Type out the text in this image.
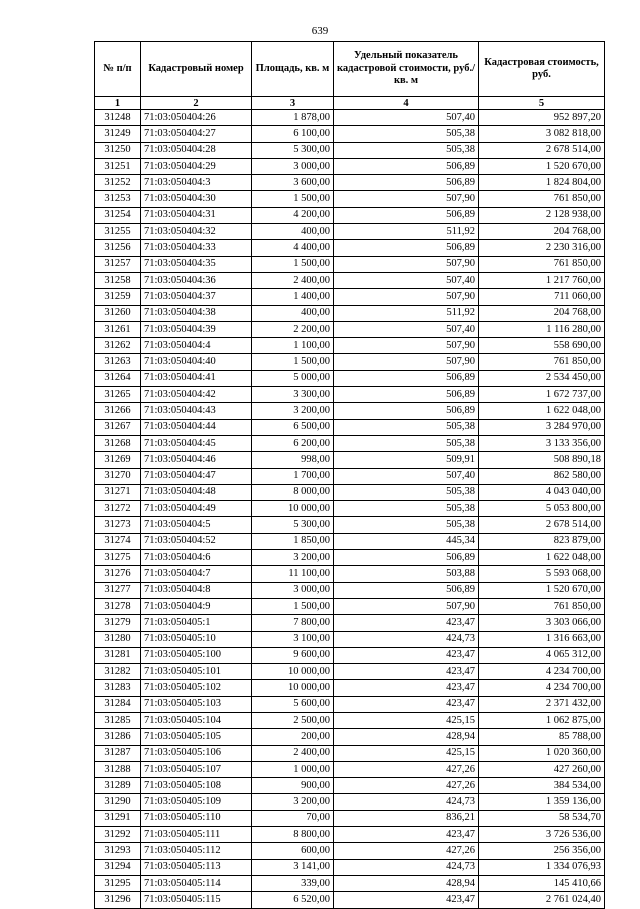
639
№ п/п	Кадастровый номер	Площадь, кв. м	Удельный показатель кадастровой стоимости, руб./кв. м	Кадастровая стоимость, руб.
1	2	3	4	5
31248	71:03:050404:26	1 878,00	507,40	952 897,20
31249	71:03:050404:27	6 100,00	505,38	3 082 818,00
31250	71:03:050404:28	5 300,00	505,38	2 678 514,00
31251	71:03:050404:29	3 000,00	506,89	1 520 670,00
31252	71:03:050404:3	3 600,00	506,89	1 824 804,00
31253	71:03:050404:30	1 500,00	507,90	761 850,00
31254	71:03:050404:31	4 200,00	506,89	2 128 938,00
31255	71:03:050404:32	400,00	511,92	204 768,00
31256	71:03:050404:33	4 400,00	506,89	2 230 316,00
31257	71:03:050404:35	1 500,00	507,90	761 850,00
31258	71:03:050404:36	2 400,00	507,40	1 217 760,00
31259	71:03:050404:37	1 400,00	507,90	711 060,00
31260	71:03:050404:38	400,00	511,92	204 768,00
31261	71:03:050404:39	2 200,00	507,40	1 116 280,00
31262	71:03:050404:4	1 100,00	507,90	558 690,00
31263	71:03:050404:40	1 500,00	507,90	761 850,00
31264	71:03:050404:41	5 000,00	506,89	2 534 450,00
31265	71:03:050404:42	3 300,00	506,89	1 672 737,00
31266	71:03:050404:43	3 200,00	506,89	1 622 048,00
31267	71:03:050404:44	6 500,00	505,38	3 284 970,00
31268	71:03:050404:45	6 200,00	505,38	3 133 356,00
31269	71:03:050404:46	998,00	509,91	508 890,18
31270	71:03:050404:47	1 700,00	507,40	862 580,00
31271	71:03:050404:48	8 000,00	505,38	4 043 040,00
31272	71:03:050404:49	10 000,00	505,38	5 053 800,00
31273	71:03:050404:5	5 300,00	505,38	2 678 514,00
31274	71:03:050404:52	1 850,00	445,34	823 879,00
31275	71:03:050404:6	3 200,00	506,89	1 622 048,00
31276	71:03:050404:7	11 100,00	503,88	5 593 068,00
31277	71:03:050404:8	3 000,00	506,89	1 520 670,00
31278	71:03:050404:9	1 500,00	507,90	761 850,00
31279	71:03:050405:1	7 800,00	423,47	3 303 066,00
31280	71:03:050405:10	3 100,00	424,73	1 316 663,00
31281	71:03:050405:100	9 600,00	423,47	4 065 312,00
31282	71:03:050405:101	10 000,00	423,47	4 234 700,00
31283	71:03:050405:102	10 000,00	423,47	4 234 700,00
31284	71:03:050405:103	5 600,00	423,47	2 371 432,00
31285	71:03:050405:104	2 500,00	425,15	1 062 875,00
31286	71:03:050405:105	200,00	428,94	85 788,00
31287	71:03:050405:106	2 400,00	425,15	1 020 360,00
31288	71:03:050405:107	1 000,00	427,26	427 260,00
31289	71:03:050405:108	900,00	427,26	384 534,00
31290	71:03:050405:109	3 200,00	424,73	1 359 136,00
31291	71:03:050405:110	70,00	836,21	58 534,70
31292	71:03:050405:111	8 800,00	423,47	3 726 536,00
31293	71:03:050405:112	600,00	427,26	256 356,00
31294	71:03:050405:113	3 141,00	424,73	1 334 076,93
31295	71:03:050405:114	339,00	428,94	145 410,66
31296	71:03:050405:115	6 520,00	423,47	2 761 024,40
